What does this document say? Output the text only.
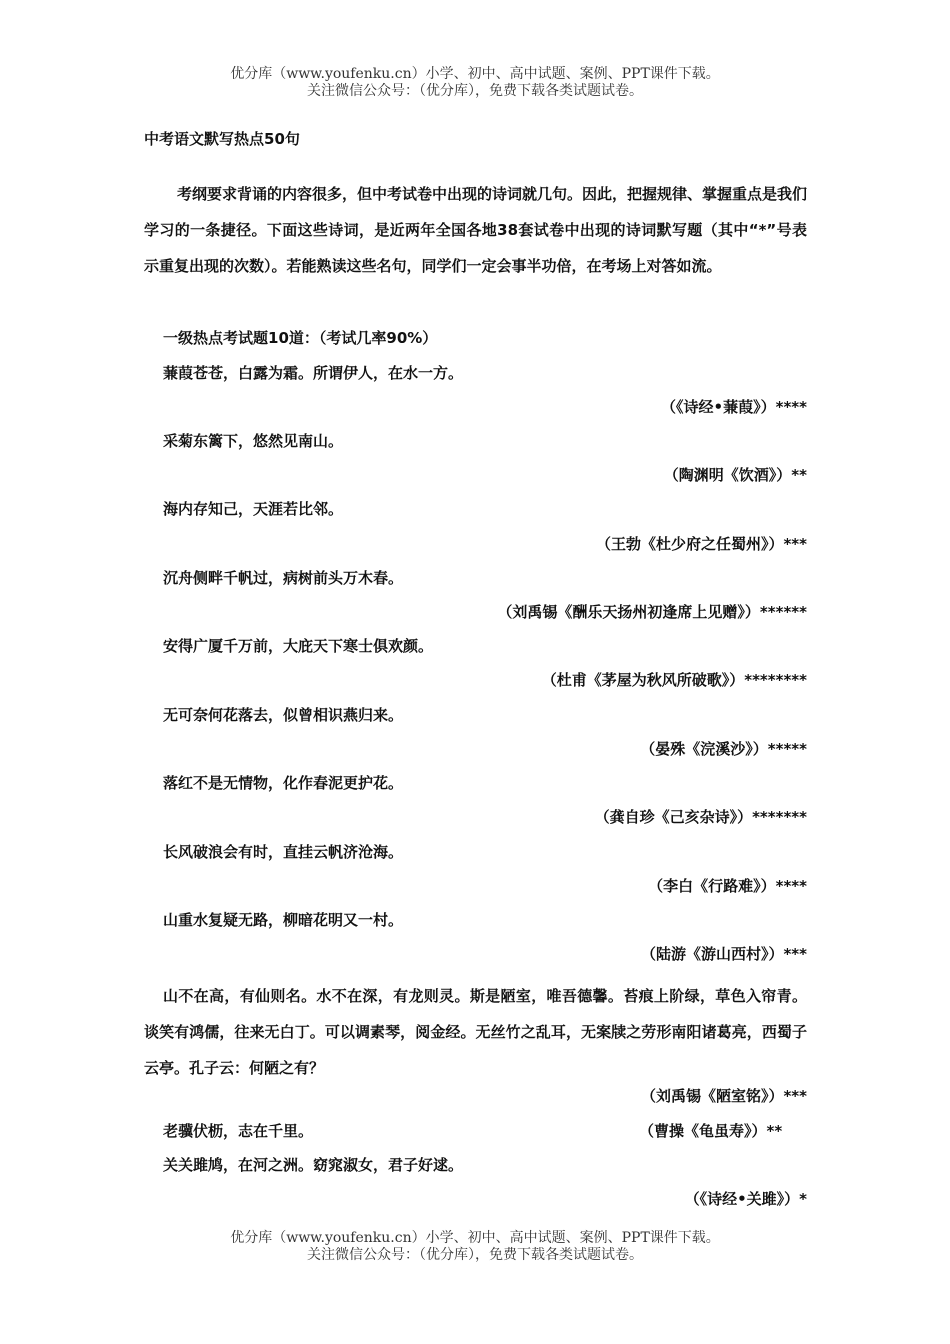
优分库（www.youfenku.cn）小学、初中、高中试题、案例、PPT课件下载。
关注微信公众号：（优分库），免费下载各类试题试卷。
中考语文默写热点50句

考纲要求背诵的内容很多，但中考试卷中出现的诗词就几句。因此，把握规律、掌握重点是我们学习的一条捷径。下面这些诗词，是近两年全国各地38套试卷中出现的诗词默写题（其中“*”号表示重复出现的次数）。若能熟读这些名句，同学们一定会事半功倍，在考场上对答如流。

一级热点考试题10道：（考试几率90%）
蒹葭苍苍，白露为霜。所谓伊人，在水一方。
（《诗经•蒹葭》）****
采菊东篱下，悠然见南山。
（陶渊明《饮酒》）**
海内存知己，天涯若比邻。
（王勃《杜少府之任蜀州》）***
沉舟侧畔千帆过，病树前头万木春。
（刘禹锡《酬乐天扬州初逢席上见赠》）******
安得广厦千万前，大庇天下寒士俱欢颜。
（杜甫《茅屋为秋风所破歌》）********
无可奈何花落去，似曾相识燕归来。
（晏殊《浣溪沙》）*****
落红不是无情物，化作春泥更护花。
（龚自珍《己亥杂诗》）*******
长风破浪会有时，直挂云帆济沧海。
（李白《行路难》）****
山重水复疑无路，柳暗花明又一村。
（陆游《游山西村》）***

山不在高，有仙则名。水不在深，有龙则灵。斯是陋室，唯吾德馨。苔痕上阶绿，草色入帘青。谈笑有鸿儒，往来无白丁。可以调素琴，阅金经。无丝竹之乱耳，无案牍之劳形南阳诸葛亮，西蜀子云亭。孔子云：何陋之有？

（刘禹锡《陋室铭》）***
老骥伏枥，志在千里。	（曹操《龟虽寿》）**
关关雎鸠，在河之洲。窈窕淑女，君子好逑。
（《诗经•关雎》）*
优分库（www.youfenku.cn）小学、初中、高中试题、案例、PPT课件下载。
关注微信公众号：（优分库），免费下载各类试题试卷。
